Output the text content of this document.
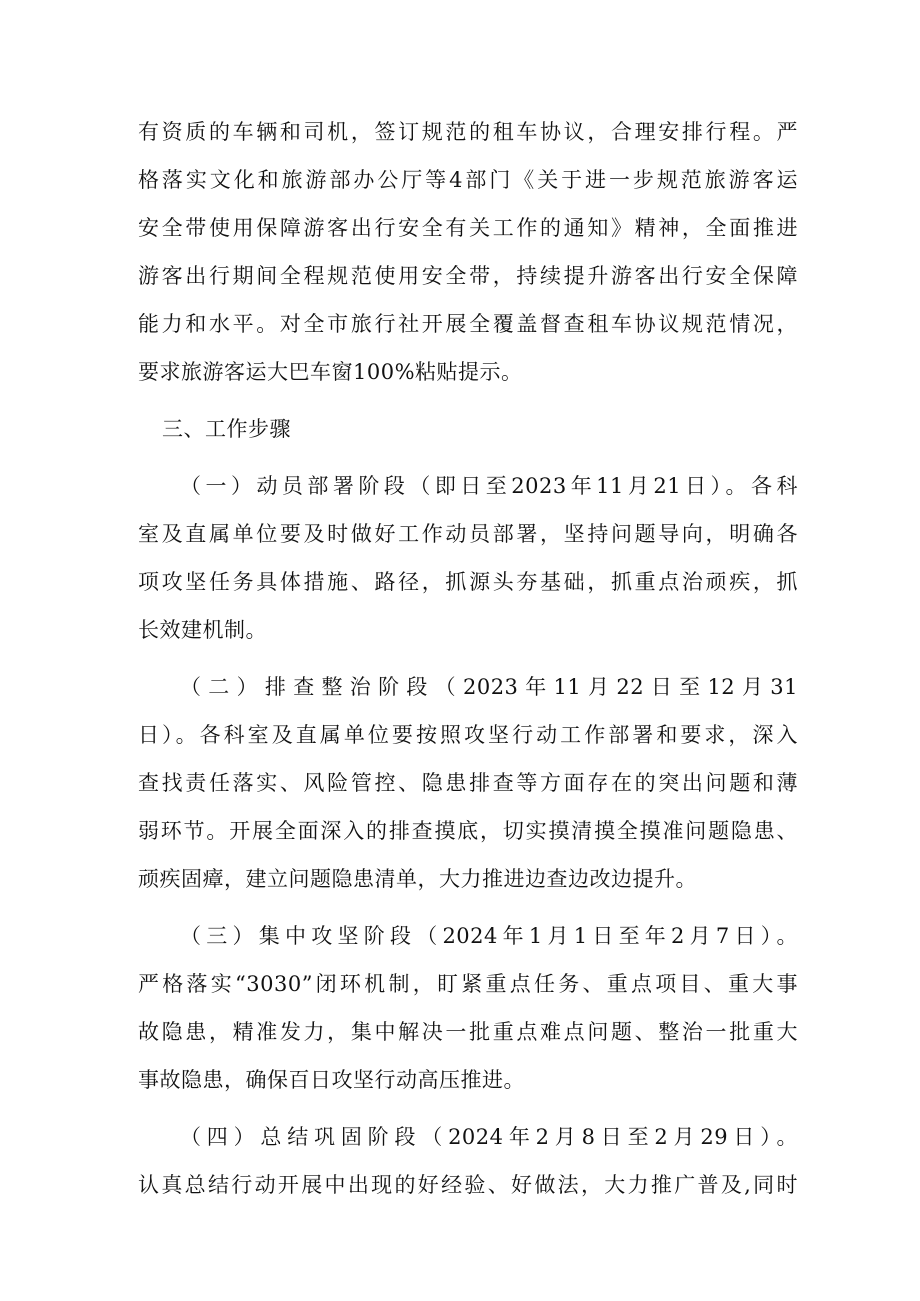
有资质的车辆和司机，签订规范的租车协议，合理安排行程。严
格落实文化和旅游部办公厅等4部门《关于进一步规范旅游客运
安全带使用保障游客出行安全有关工作的通知》精神，全面推进
游客出行期间全程规范使用安全带，持续提升游客出行安全保障
能力和水平。对全市旅行社开展全覆盖督查租车协议规范情况，
要求旅游客运大巴车窗100%粘贴提示。
三、工作步骤
（一）动员部署阶段（即日至2023年11月21日）。各科
室及直属单位要及时做好工作动员部署，坚持问题导向，明确各
项攻坚任务具体措施、路径，抓源头夯基础，抓重点治顽疾，抓
长效建机制。
（二）排查整治阶段（2023年11月22日至12月31
日）。各科室及直属单位要按照攻坚行动工作部署和要求，深入
查找责任落实、风险管控、隐患排查等方面存在的突出问题和薄
弱环节。开展全面深入的排查摸底，切实摸清摸全摸准问题隐患、
顽疾固瘴，建立问题隐患清单，大力推进边查边改边提升。
（三）集中攻坚阶段（2024年1月1日至年2月7日）。
严格落实“3030”闭环机制，盯紧重点任务、重点项目、重大事
故隐患，精准发力，集中解决一批重点难点问题、整治一批重大
事故隐患，确保百日攻坚行动高压推进。
（四）总结巩固阶段（2024年2月8日至2月29日）。
认真总结行动开展中出现的好经验、好做法，大力推广普及,同时
